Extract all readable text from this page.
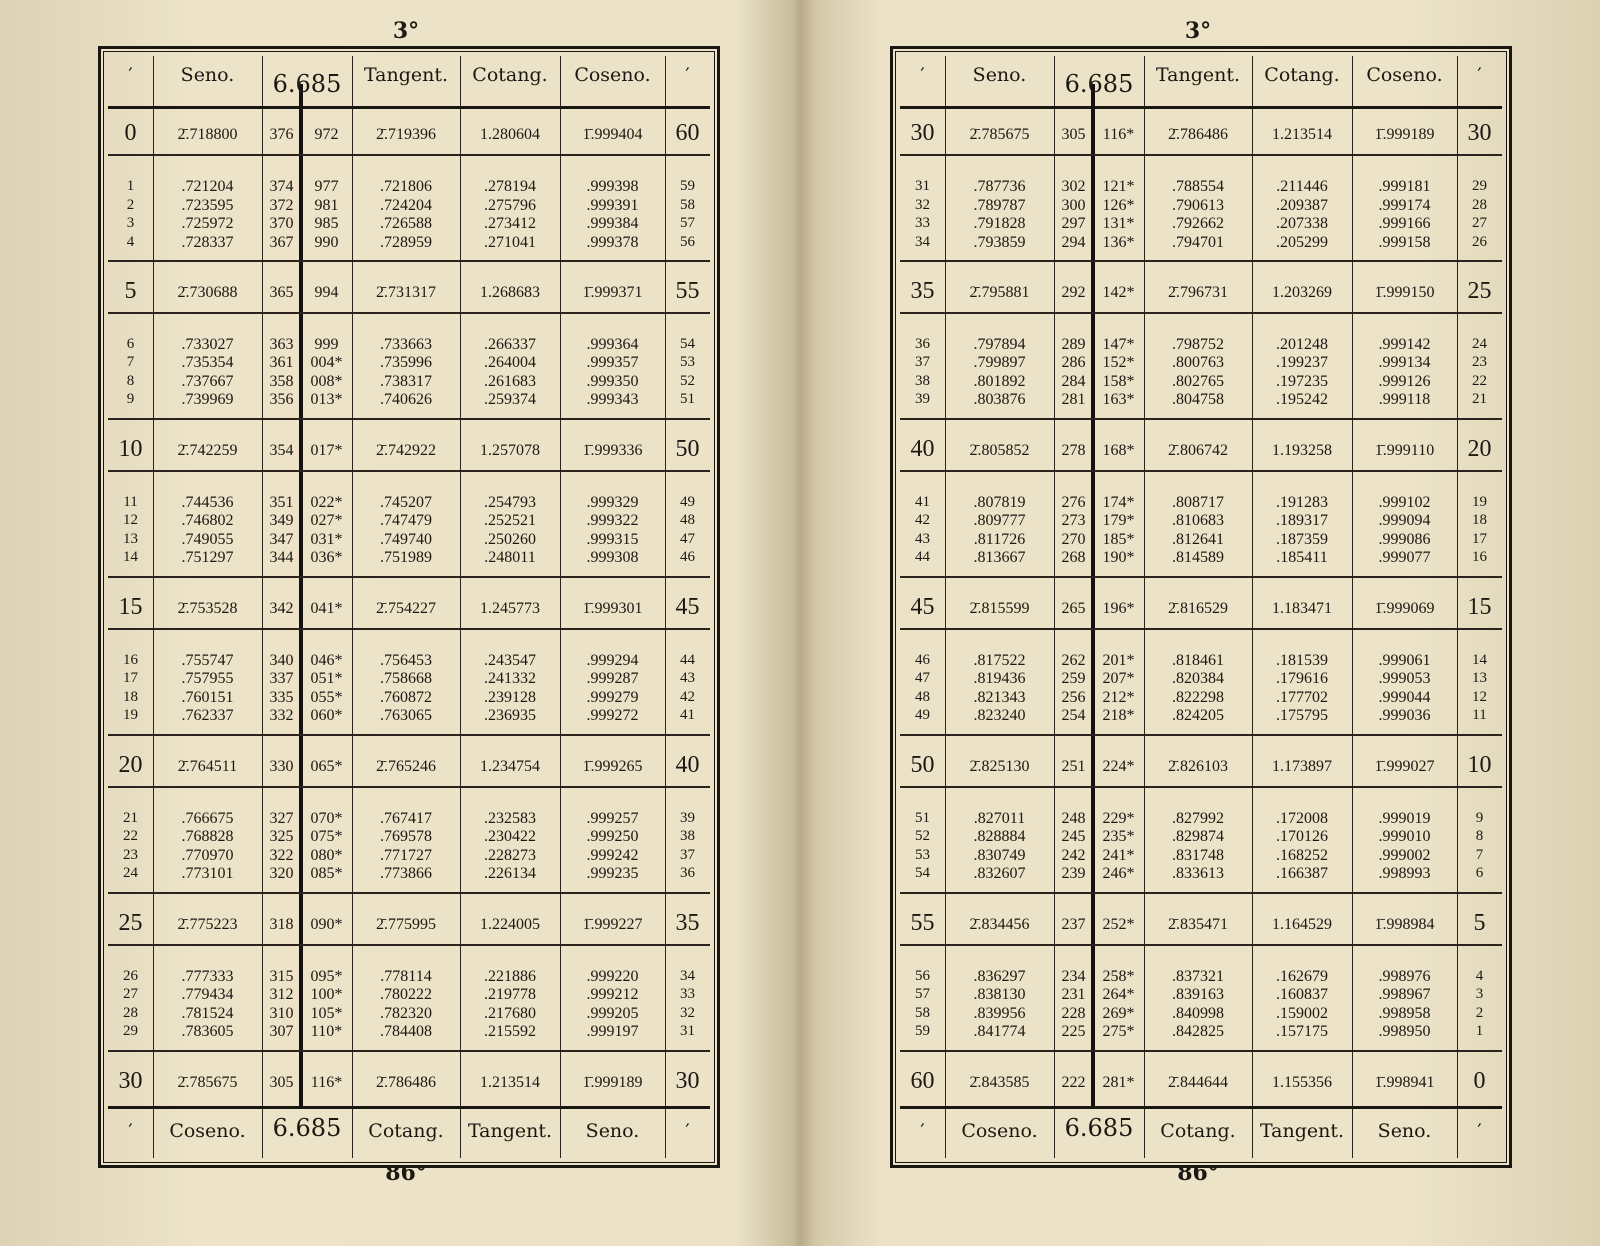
3°
86°
′	Seno.	6.685	Tangent.	Cotang.	Coseno.	′
′	Coseno.	6.685	Cotang.	Tangent.	Seno.	′
0	2̄.718800	376	972	2̄.719396	1.280604	1̄.999404	60
1	.721204	374	977	.721806	.278194	.999398	59
2	.723595	372	981	.724204	.275796	.999391	58
3	.725972	370	985	.726588	.273412	.999384	57
4	.728337	367	990	.728959	.271041	.999378	56
5	2̄.730688	365	994	2̄.731317	1.268683	1̄.999371	55
6	.733027	363	999	.733663	.266337	.999364	54
7	.735354	361	004*	.735996	.264004	.999357	53
8	.737667	358	008*	.738317	.261683	.999350	52
9	.739969	356	013*	.740626	.259374	.999343	51
10	2̄.742259	354	017*	2̄.742922	1.257078	1̄.999336	50
11	.744536	351	022*	.745207	.254793	.999329	49
12	.746802	349	027*	.747479	.252521	.999322	48
13	.749055	347	031*	.749740	.250260	.999315	47
14	.751297	344	036*	.751989	.248011	.999308	46
15	2̄.753528	342	041*	2̄.754227	1.245773	1̄.999301	45
16	.755747	340	046*	.756453	.243547	.999294	44
17	.757955	337	051*	.758668	.241332	.999287	43
18	.760151	335	055*	.760872	.239128	.999279	42
19	.762337	332	060*	.763065	.236935	.999272	41
20	2̄.764511	330	065*	2̄.765246	1.234754	1̄.999265	40
21	.766675	327	070*	.767417	.232583	.999257	39
22	.768828	325	075*	.769578	.230422	.999250	38
23	.770970	322	080*	.771727	.228273	.999242	37
24	.773101	320	085*	.773866	.226134	.999235	36
25	2̄.775223	318	090*	2̄.775995	1.224005	1̄.999227	35
26	.777333	315	095*	.778114	.221886	.999220	34
27	.779434	312	100*	.780222	.219778	.999212	33
28	.781524	310	105*	.782320	.217680	.999205	32
29	.783605	307	110*	.784408	.215592	.999197	31
30	2̄.785675	305	116*	2̄.786486	1.213514	1̄.999189	30
3°
86°
′	Seno.	6.685	Tangent.	Cotang.	Coseno.	′
′	Coseno.	6.685	Cotang.	Tangent.	Seno.	′
30	2̄.785675	305	116*	2̄.786486	1.213514	1̄.999189	30
31	.787736	302	121*	.788554	.211446	.999181	29
32	.789787	300	126*	.790613	.209387	.999174	28
33	.791828	297	131*	.792662	.207338	.999166	27
34	.793859	294	136*	.794701	.205299	.999158	26
35	2̄.795881	292	142*	2̄.796731	1.203269	1̄.999150	25
36	.797894	289	147*	.798752	.201248	.999142	24
37	.799897	286	152*	.800763	.199237	.999134	23
38	.801892	284	158*	.802765	.197235	.999126	22
39	.803876	281	163*	.804758	.195242	.999118	21
40	2̄.805852	278	168*	2̄.806742	1.193258	1̄.999110	20
41	.807819	276	174*	.808717	.191283	.999102	19
42	.809777	273	179*	.810683	.189317	.999094	18
43	.811726	270	185*	.812641	.187359	.999086	17
44	.813667	268	190*	.814589	.185411	.999077	16
45	2̄.815599	265	196*	2̄.816529	1.183471	1̄.999069	15
46	.817522	262	201*	.818461	.181539	.999061	14
47	.819436	259	207*	.820384	.179616	.999053	13
48	.821343	256	212*	.822298	.177702	.999044	12
49	.823240	254	218*	.824205	.175795	.999036	11
50	2̄.825130	251	224*	2̄.826103	1.173897	1̄.999027	10
51	.827011	248	229*	.827992	.172008	.999019	9
52	.828884	245	235*	.829874	.170126	.999010	8
53	.830749	242	241*	.831748	.168252	.999002	7
54	.832607	239	246*	.833613	.166387	.998993	6
55	2̄.834456	237	252*	2̄.835471	1.164529	1̄.998984	5
56	.836297	234	258*	.837321	.162679	.998976	4
57	.838130	231	264*	.839163	.160837	.998967	3
58	.839956	228	269*	.840998	.159002	.998958	2
59	.841774	225	275*	.842825	.157175	.998950	1
60	2̄.843585	222	281*	2̄.844644	1.155356	1̄.998941	0
